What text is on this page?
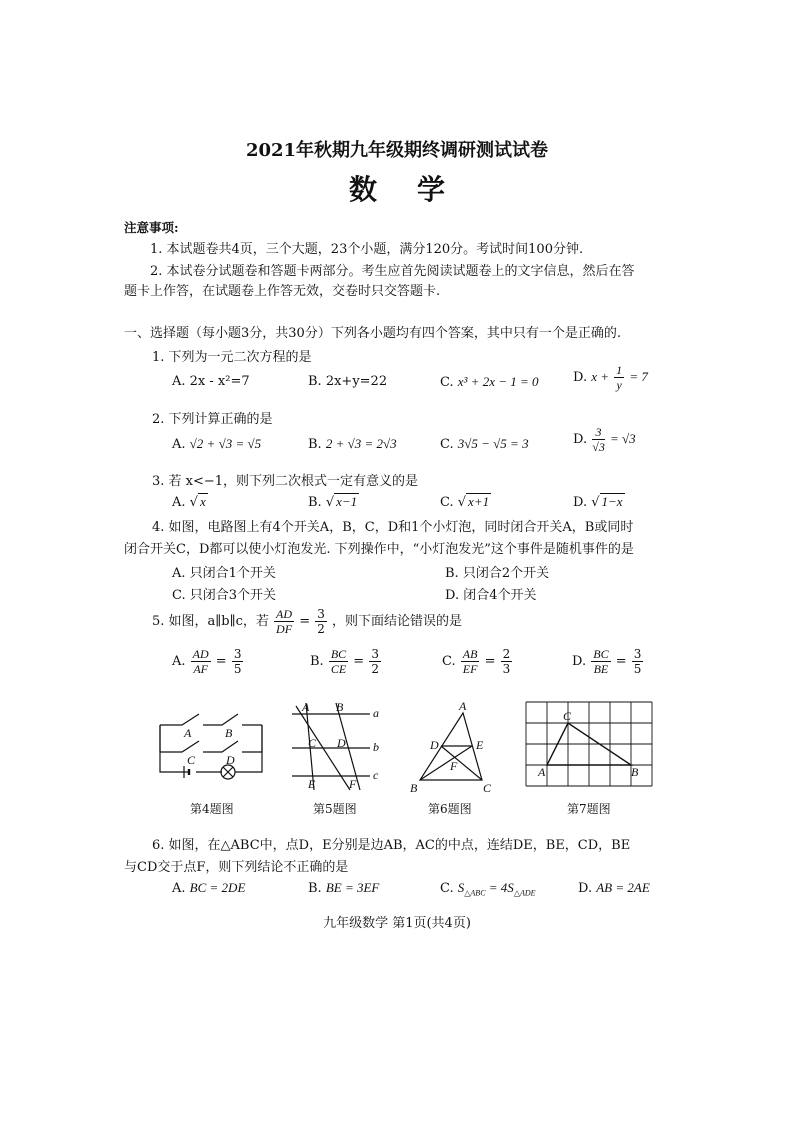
2021年秋期九年级期终调研测试试卷
数学
注意事项:
1. 本试题卷共4页，三个大题，23个小题，满分120分。考试时间100分钟.
2. 本试卷分试题卷和答题卡两部分。考生应首先阅读试题卷上的文字信息，然后在答
题卡上作答，在试题卷上作答无效，交卷时只交答题卡.
一、选择题（每小题3分，共30分）下列各小题均有四个答案，其中只有一个是正确的.
1. 下列为一元二次方程的是
A. 2x - x²=7	B. 2x+y=22	C. x³ + 2x − 1 = 0	D. $x + \frac{1}{y} = 7$
2. 下列计算正确的是
A. √2 + √3 = √5	B. 2 + √3 = 2√3	C. 3√5 − √5 = 3	D. $\frac{3}{√3} = √3$
3. 若 x<−1，则下列二次根式一定有意义的是
A. √ x	B. √ x−1	C. √ x+1	D. √ 1−x
4. 如图，电路图上有4个开关A，B，C，D和1个小灯泡，同时闭合开关A，B或同时
闭合开关C，D都可以使小灯泡发光. 下列操作中，“小灯泡发光”这个事件是随机事件的是
A. 只闭合1个开关	B. 只闭合2个开关
C. 只闭合3个开关	D. 闭合4个开关
5. 如图，a∥b∥c，若 $\frac{AD}{DF} = \frac{3}{2}$ ，则下面结论错误的是
A. $\frac{AD}{AF} = \frac{3}{5}$	B. $\frac{BC}{CE} = \frac{3}{2}$	C. $\frac{AB}{EF} = \frac{2}{3}$	D. $\frac{BC}{BE} = \frac{3}{5}$
A	B
C	D
A B
C D
E	F
a
b
c
A
B	C
D	E
F
C
A	B
第4题图	第5题图	第6题图	第7题图
6. 如图，在△ABC中，点D，E分别是边AB，AC的中点，连结DE，BE，CD，BE
与CD交于点F，则下列结论不正确的是
A. BC = 2DE	B. BE = 3EF	C. $S_{\triangle ABC} = 4S_{\triangle ADE}$	D. AB = 2AE
九年级数学 第1页(共4页)
